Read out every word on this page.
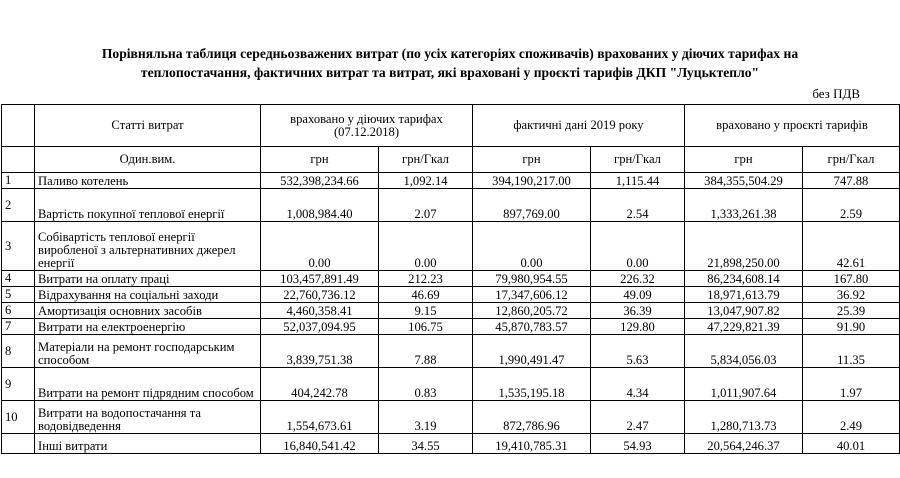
Порівняльна таблиця середньозважених витрат (по усіх категоріях споживачів) врахованих у діючих тарифах на
теплопостачання, фактичних витрат та витрат, які враховані у проєкті тарифів ДКП "Луцьктепло"
без ПДВ
	Статті витрат	враховано у діючих тарифах (07.12.2018)		фактичні дані 2019 року		враховано у проєкті тарифів	
	Один.вим.	грн	грн/Гкал	грн	грн/Гкал	грн	грн/Гкал
1	Паливо котелень	532,398,234.66	1,092.14	394,190,217.00	1,115.44	384,355,504.29	747.88
2	Вартість покупної теплової енергії	1,008,984.40	2.07	897,769.00	2.54	1,333,261.38	2.59
3	Собівартість теплової енергії виробленої з альтернативних джерел енергії	0.00	0.00	0.00	0.00	21,898,250.00	42.61
4	Витрати на оплату праці	103,457,891.49	212.23	79,980,954.55	226.32	86,234,608.14	167.80
5	Відрахування на соціальні заходи	22,760,736.12	46.69	17,347,606.12	49.09	18,971,613.79	36.92
6	Амортизація основних засобів	4,460,358.41	9.15	12,860,205.72	36.39	13,047,907.82	25.39
7	Витрати на електроенергію	52,037,094.95	106.75	45,870,783.57	129.80	47,229,821.39	91.90
8	Матеріали на ремонт господарським способом	3,839,751.38	7.88	1,990,491.47	5.63	5,834,056.03	11.35
9	Витрати на ремонт підрядним способом	404,242.78	0.83	1,535,195.18	4.34	1,011,907.64	1.97
10	Витрати на водопостачання та водовідведення	1,554,673.61	3.19	872,786.96	2.47	1,280,713.73	2.49
	Інші витрати	16,840,541.42	34.55	19,410,785.31	54.93	20,564,246.37	40.01
